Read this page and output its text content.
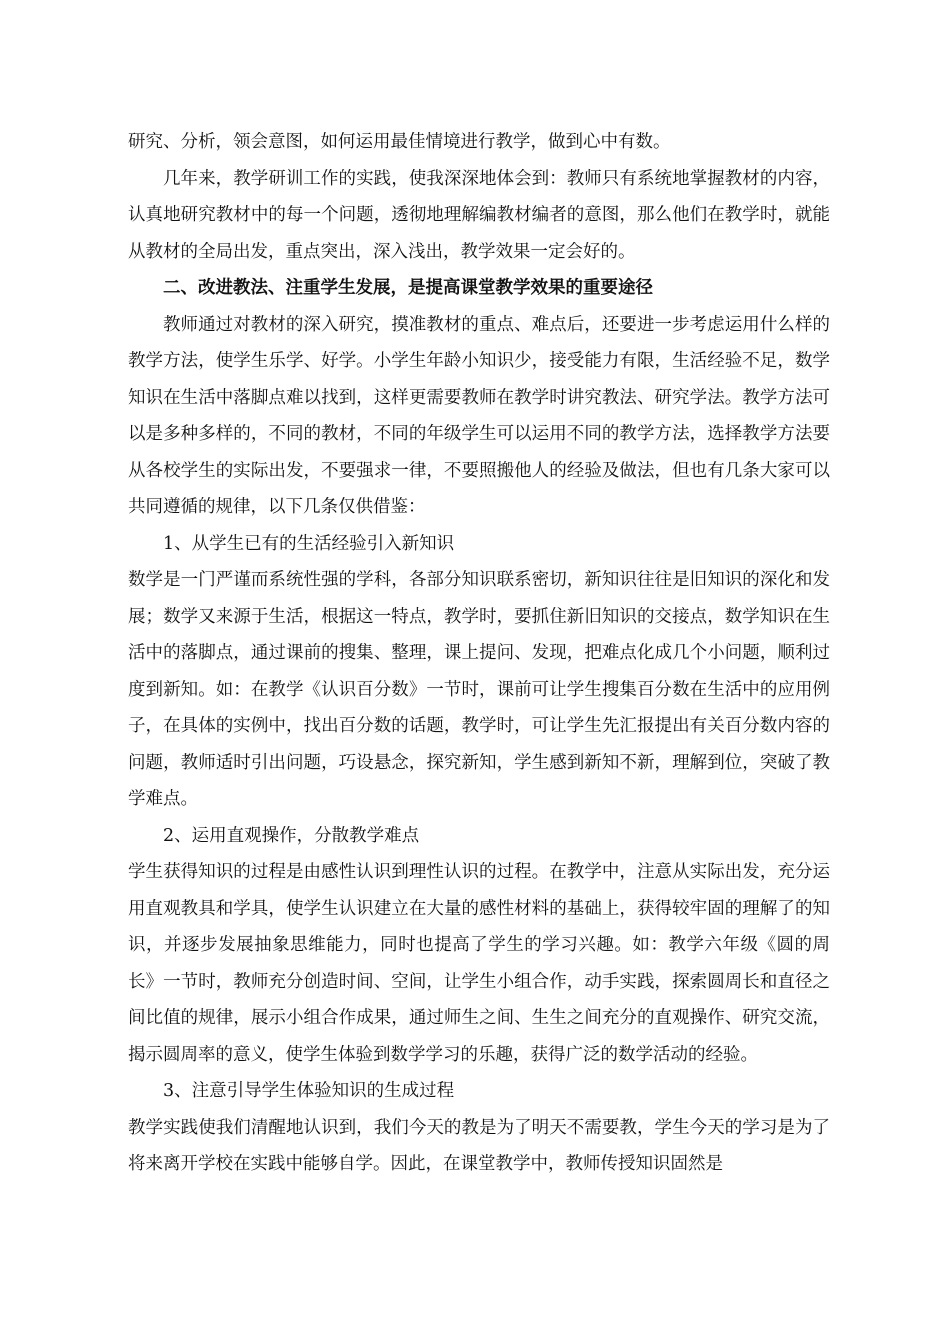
研究、分析，领会意图，如何运用最佳情境进行教学，做到心中有数。

几年来，教学研训工作的实践，使我深深地体会到：教师只有系统地掌握教材的内容，认真地研究教材中的每一个问题，透彻地理解编教材编者的意图，那么他们在教学时，就能从教材的全局出发，重点突出，深入浅出，教学效果一定会好的。

二、改进教法、注重学生发展，是提高课堂教学效果的重要途径

教师通过对教材的深入研究，摸准教材的重点、难点后，还要进一步考虑运用什么样的教学方法，使学生乐学、好学。小学生年龄小知识少，接受能力有限，生活经验不足，数学知识在生活中落脚点难以找到，这样更需要教师在教学时讲究教法、研究学法。教学方法可以是多种多样的，不同的教材，不同的年级学生可以运用不同的教学方法，选择教学方法要从各校学生的实际出发，不要强求一律，不要照搬他人的经验及做法，但也有几条大家可以共同遵循的规律，以下几条仅供借鉴：

1、从学生已有的生活经验引入新知识

数学是一门严谨而系统性强的学科，各部分知识联系密切，新知识往往是旧知识的深化和发展；数学又来源于生活，根据这一特点，教学时，要抓住新旧知识的交接点，数学知识在生活中的落脚点，通过课前的搜集、整理，课上提问、发现，把难点化成几个小问题，顺利过度到新知。如：在教学《认识百分数》一节时，课前可让学生搜集百分数在生活中的应用例子，在具体的实例中，找出百分数的话题，教学时，可让学生先汇报提出有关百分数内容的问题，教师适时引出问题，巧设悬念，探究新知，学生感到新知不新，理解到位，突破了教学难点。

2、运用直观操作，分散教学难点

学生获得知识的过程是由感性认识到理性认识的过程。在教学中，注意从实际出发，充分运用直观教具和学具，使学生认识建立在大量的感性材料的基础上，获得较牢固的理解了的知识，并逐步发展抽象思维能力，同时也提高了学生的学习兴趣。如：教学六年级《圆的周长》一节时，教师充分创造时间、空间，让学生小组合作，动手实践，探索圆周长和直径之间比值的规律，展示小组合作成果，通过师生之间、生生之间充分的直观操作、研究交流，揭示圆周率的意义，使学生体验到数学学习的乐趣，获得广泛的数学活动的经验。

3、注意引导学生体验知识的生成过程

教学实践使我们清醒地认识到，我们今天的教是为了明天不需要教，学生今天的学习是为了将来离开学校在实践中能够自学。因此，在课堂教学中，教师传授知识固然是
